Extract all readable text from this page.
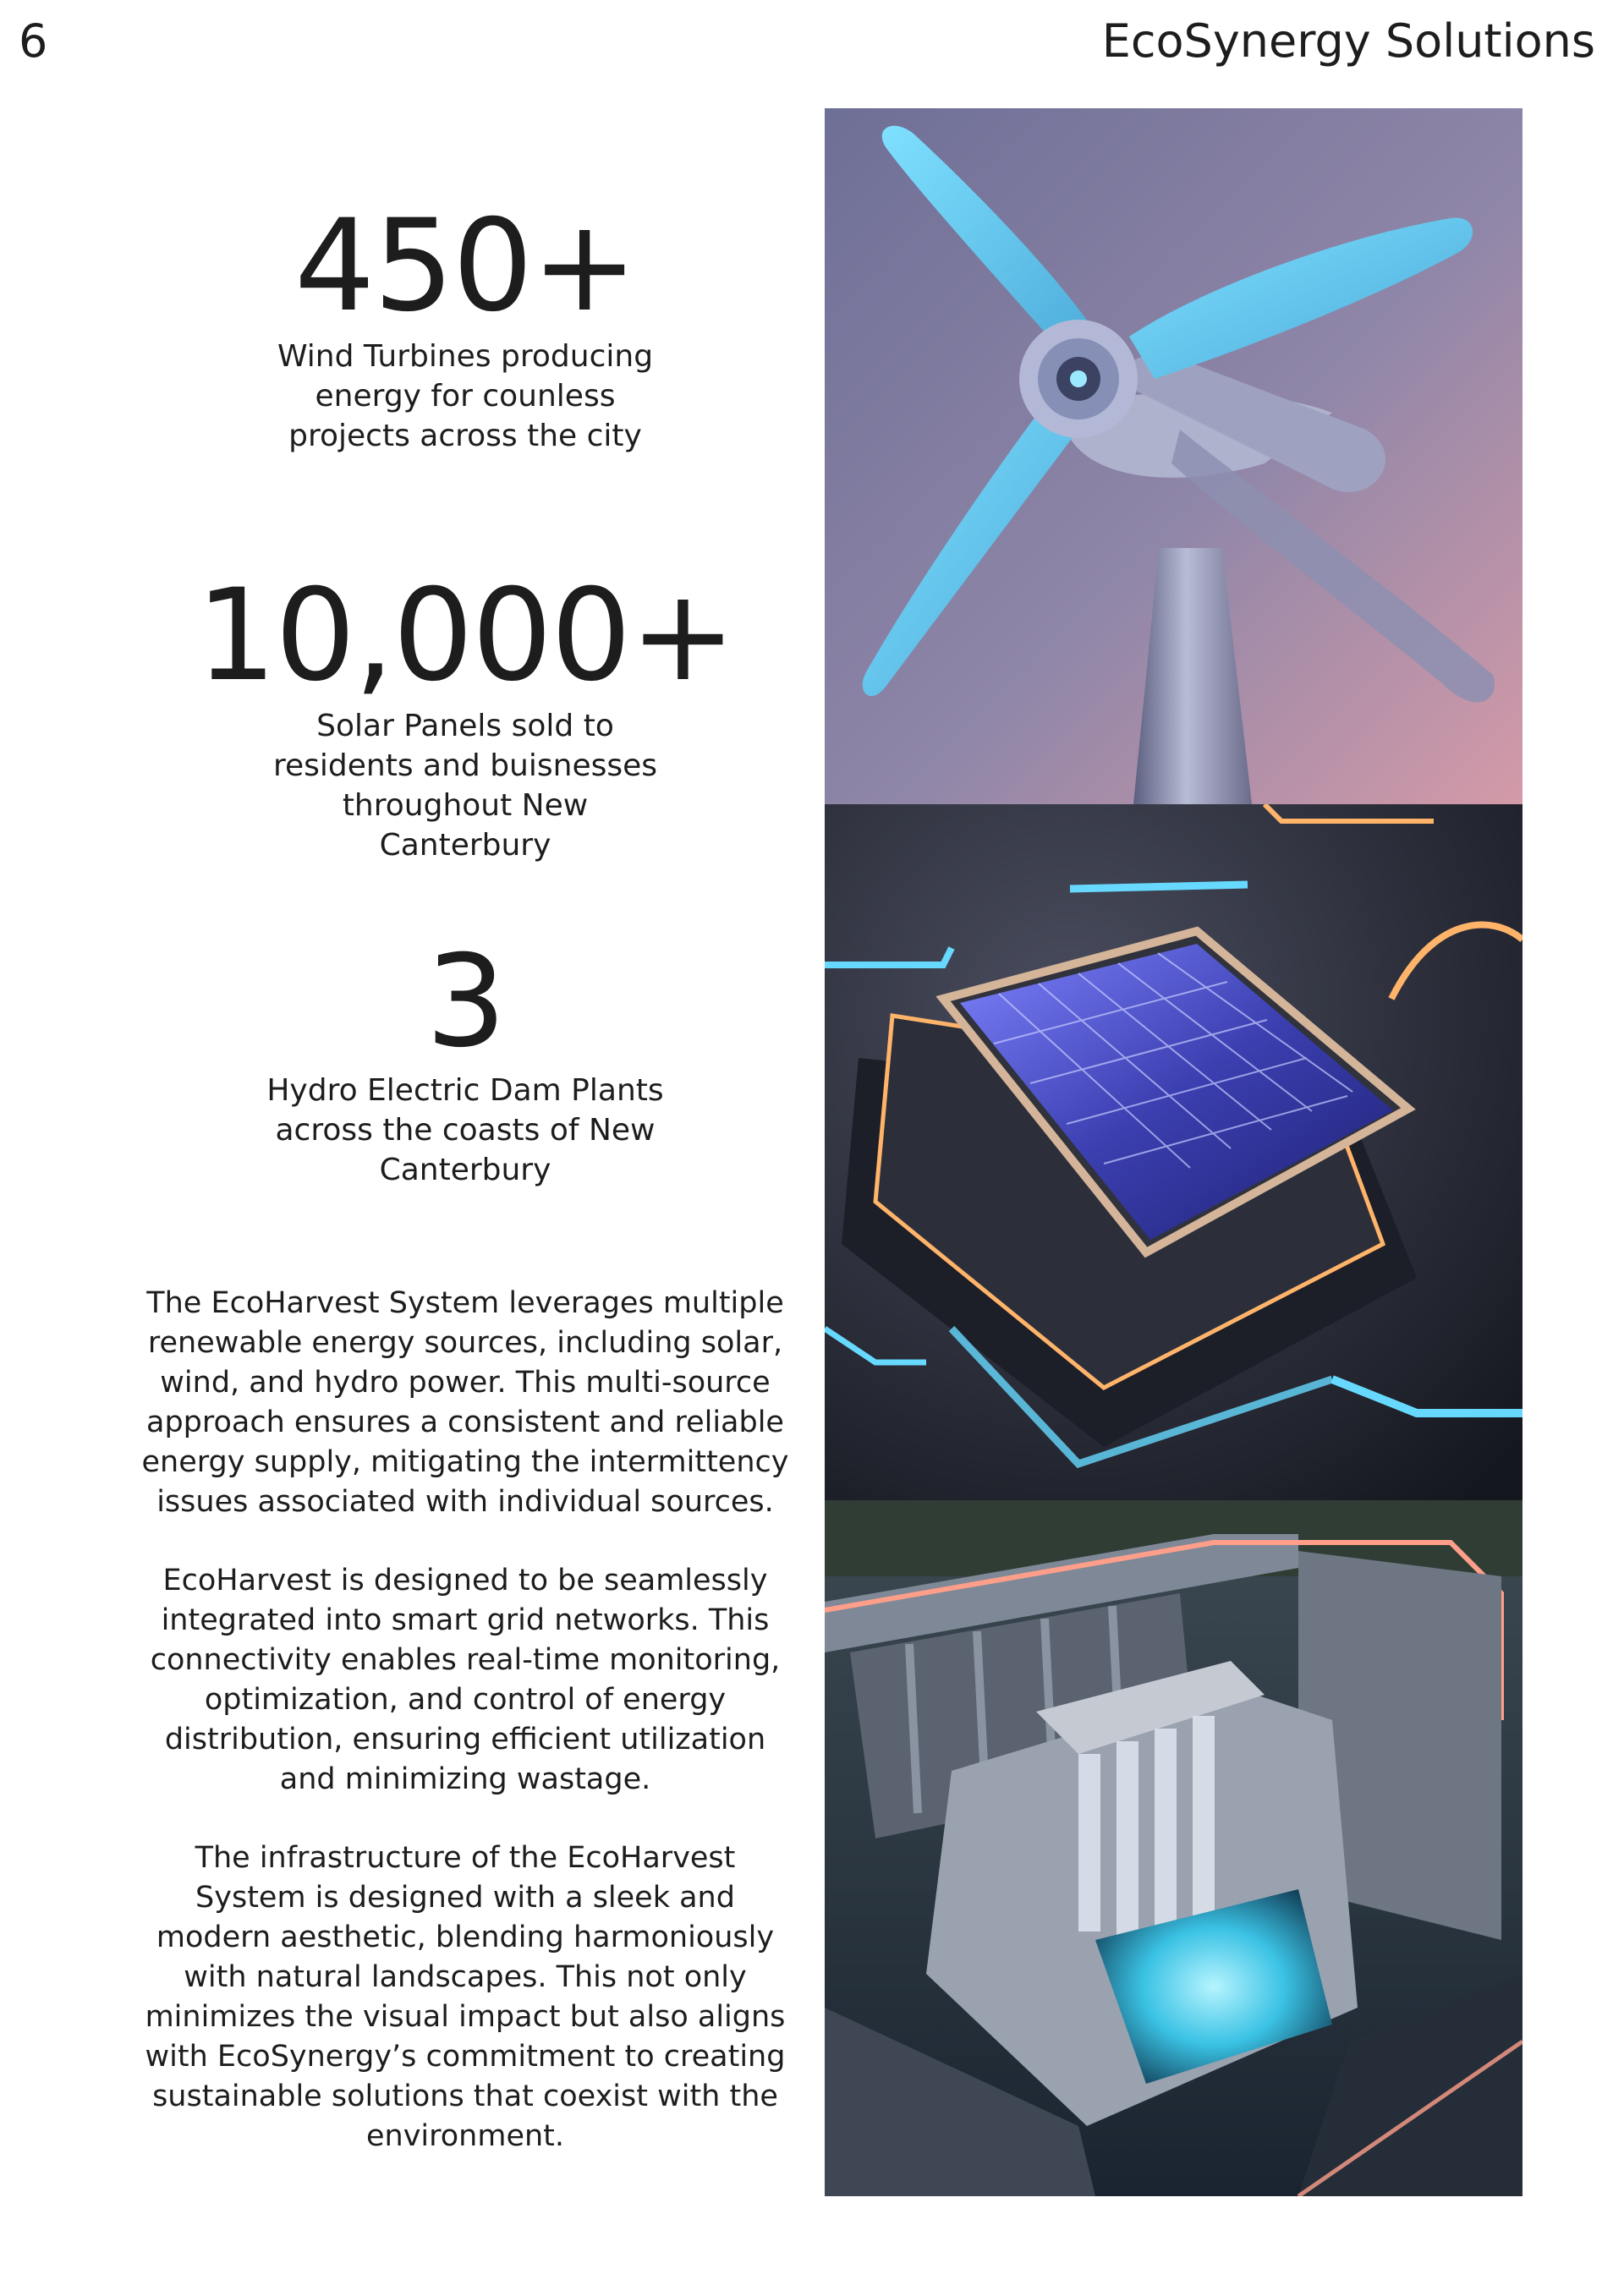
6	EcoSynergy Solutions
450+
Wind Turbines producing energy for counless projects across the city
10,000+
Solar Panels sold to residents and buisnesses throughout New Canterbury
3
Hydro Electric Dam Plants across the coasts of New Canterbury

The EcoHarvest System leverages multiple renewable energy sources, including solar, wind, and hydro power. This multi-source approach ensures a consistent and reliable energy supply, mitigating the intermittency issues associated with individual sources.

EcoHarvest is designed to be seamlessly integrated into smart grid networks. This connectivity enables real-time monitoring, optimization, and control of energy distribution, ensuring efficient utilization and minimizing wastage.

The infrastructure of the EcoHarvest System is designed with a sleek and modern aesthetic, blending harmoniously with natural landscapes. This not only minimizes the visual impact but also aligns with EcoSynergy’s commitment to creating sustainable solutions that coexist with the environment.
